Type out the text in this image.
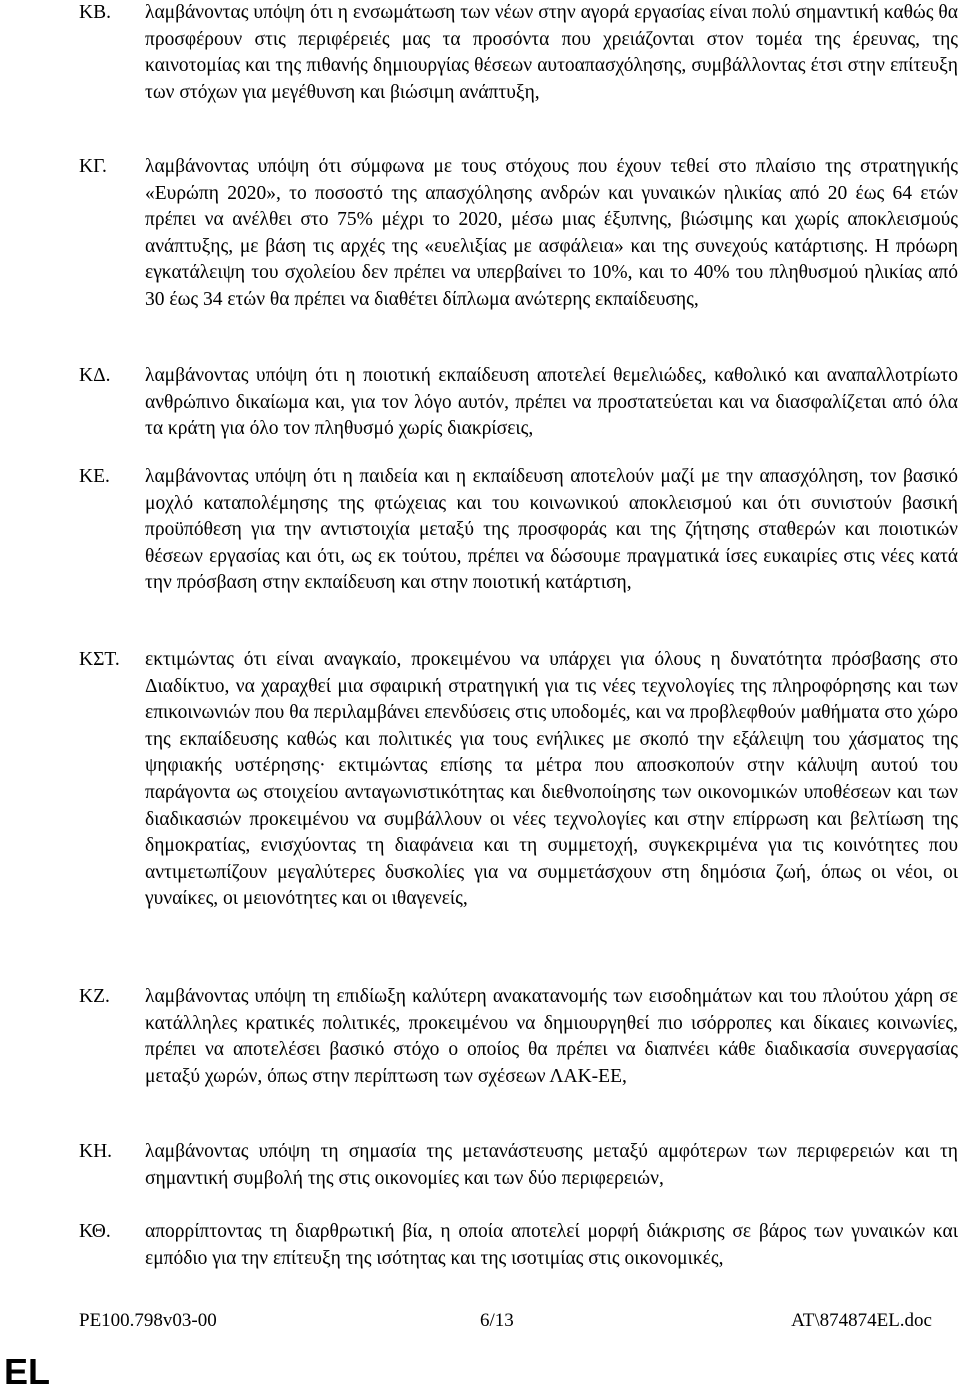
KB. λαμβάνοντας υπόψη ότι η ενσωμάτωση των νέων στην αγορά εργασίας είναι πολύ σημαντική καθώς θα προσφέρουν στις περιφέρειές μας τα προσόντα που χρειάζονται στον τομέα της έρευνας, της καινοτομίας και της πιθανής δημιουργίας θέσεων αυτοαπασχόλησης, συμβάλλοντας έτσι στην επίτευξη των στόχων για μεγέθυνση και βιώσιμη ανάπτυξη,

ΚΓ. λαμβάνοντας υπόψη ότι σύμφωνα με τους στόχους που έχουν τεθεί στο πλαίσιο της στρατηγικής «Ευρώπη 2020», το ποσοστό της απασχόλησης ανδρών και γυναικών ηλικίας από 20 έως 64 ετών πρέπει να ανέλθει στο 75% μέχρι το 2020, μέσω μιας έξυπνης, βιώσιμης και χωρίς αποκλεισμούς ανάπτυξης, με βάση τις αρχές της «ευελιξίας με ασφάλεια» και της συνεχούς κατάρτισης. Η πρόωρη εγκατάλειψη του σχολείου δεν πρέπει να υπερβαίνει το 10%, και το 40% του πληθυσμού ηλικίας από 30 έως 34 ετών θα πρέπει να διαθέτει δίπλωμα ανώτερης εκπαίδευσης,

ΚΔ. λαμβάνοντας υπόψη ότι η ποιοτική εκπαίδευση αποτελεί θεμελιώδες, καθολικό και αναπαλλοτρίωτο ανθρώπινο δικαίωμα και, για τον λόγο αυτόν, πρέπει να προστατεύεται και να διασφαλίζεται από όλα τα κράτη για όλο τον πληθυσμό χωρίς διακρίσεις,

ΚΕ. λαμβάνοντας υπόψη ότι η παιδεία και η εκπαίδευση αποτελούν μαζί με την απασχόληση, τον βασικό μοχλό καταπολέμησης της φτώχειας και του κοινωνικού αποκλεισμού και ότι συνιστούν βασική προϋπόθεση για την αντιστοιχία μεταξύ της προσφοράς και της ζήτησης σταθερών και ποιοτικών θέσεων εργασίας και ότι, ως εκ τούτου, πρέπει να δώσουμε πραγματικά ίσες ευκαιρίες στις νέες κατά την πρόσβαση στην εκπαίδευση και στην ποιοτική κατάρτιση,

ΚΣΤ. εκτιμώντας ότι είναι αναγκαίο, προκειμένου να υπάρχει για όλους η δυνατότητα πρόσβασης στο Διαδίκτυο, να χαραχθεί μια σφαιρική στρατηγική για τις νέες τεχνολογίες της πληροφόρησης και των επικοινωνιών που θα περιλαμβάνει επενδύσεις στις υποδομές, και να προβλεφθούν μαθήματα στο χώρο της εκπαίδευσης καθώς και πολιτικές για τους ενήλικες με σκοπό την εξάλειψη του χάσματος της ψηφιακής υστέρησης· εκτιμώντας επίσης τα μέτρα που αποσκοπούν στην κάλυψη αυτού του παράγοντα ως στοιχείου ανταγωνιστικότητας και διεθνοποίησης των οικονομικών υποθέσεων και των διαδικασιών προκειμένου να συμβάλλουν οι νέες τεχνολογίες και στην επίρρωση και βελτίωση της δημοκρατίας, ενισχύοντας τη διαφάνεια και τη συμμετοχή, συγκεκριμένα για τις κοινότητες που αντιμετωπίζουν μεγαλύτερες δυσκολίες για να συμμετάσχουν στη δημόσια ζωή, όπως οι νέοι, οι γυναίκες, οι μειονότητες και οι ιθαγενείς,

ΚΖ. λαμβάνοντας υπόψη τη επιδίωξη καλύτερη ανακατανομής των εισοδημάτων και του πλούτου χάρη σε κατάλληλες κρατικές πολιτικές, προκειμένου να δημιουργηθεί πιο ισόρροπες και δίκαιες κοινωνίες, πρέπει να αποτελέσει βασικό στόχο ο οποίος θα πρέπει να διαπνέει κάθε διαδικασία συνεργασίας μεταξύ χωρών, όπως στην περίπτωση των σχέσεων ΛΑΚ-ΕΕ,

ΚΗ. λαμβάνοντας υπόψη τη σημασία της μετανάστευσης μεταξύ αμφότερων των περιφερειών και τη σημαντική συμβολή της στις οικονομίες και των δύο περιφερειών,

ΚΘ. απορρίπτοντας τη διαρθρωτική βία, η οποία αποτελεί μορφή διάκρισης σε βάρος των γυναικών και εμπόδιο για την επίτευξη της ισότητας και της ισοτιμίας στις οικονομικές,

PE100.798v03-00	6/13	AT\874874EL.doc
EL
